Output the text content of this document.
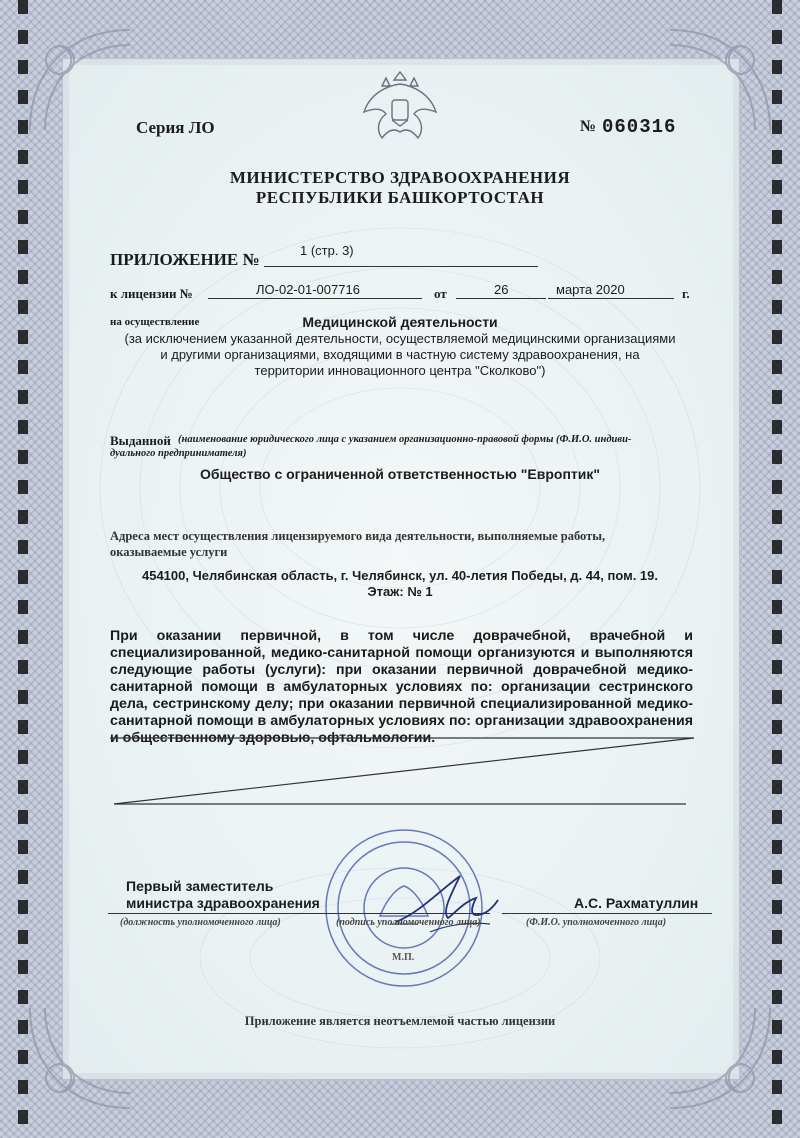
Серия ЛО	№ 060316
МИНИСТЕРСТВО ЗДРАВООХРАНЕНИЯ
РЕСПУБЛИКИ БАШКОРТОСТАН
ПРИЛОЖЕНИЕ №	1 (стр. 3)
к лицензии №	ЛО-02-01-007716	от	26	марта 2020	г.
на осуществление	Медицинской деятельности
(за исключением указанной деятельности, осуществляемой медицинскими организациями
и другими организациями, входящими в частную систему здравоохранения, на
территории инновационного центра "Сколково")
Выданной (наименование юридического лица с указанием организационно-правовой формы (Ф.И.О. индиви-
дуального предпринимателя)
Общество с ограниченной ответственностью "Европтик"
Адреса мест осуществления лицензируемого вида деятельности, выполняемые работы,
оказываемые услуги
454100, Челябинская область, г. Челябинск, ул. 40-летия Победы, д. 44, пом. 19.
Этаж: № 1
При оказании первичной, в том числе доврачебной, врачебной и специализированной, медико-санитарной помощи организуются и выполняются следующие работы (услуги): при оказании первичной доврачебной медико-санитарной помощи в амбулаторных условиях по: организации сестринского дела, сестринскому делу; при оказании первичной специализированной медико-санитарной помощи в амбулаторных условиях по: организации здравоохранения и общественному здоровью, офтальмологии.
Первый заместитель
министра здравоохранения
(должность уполномоченного лица)	(подпись уполномоченного лица)
А.С. Рахматуллин
(Ф.И.О. уполномоченного лица)
М.П.
Приложение является неотъемлемой частью лицензии
